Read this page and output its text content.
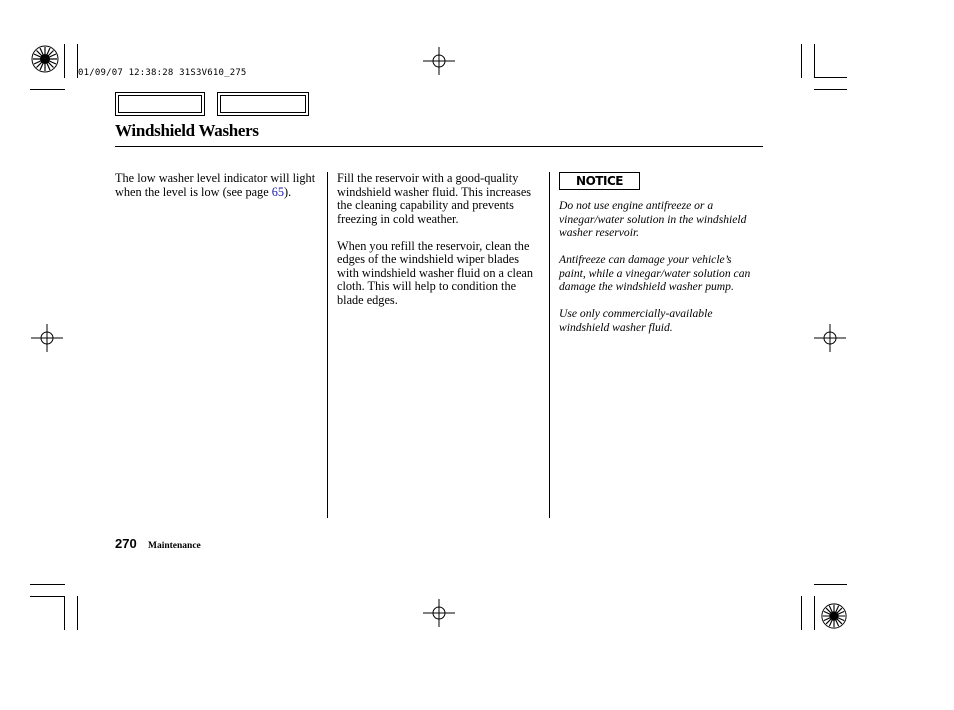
01/09/07 12:38:28 31S3V610_275
Windshield Washers

The low washer level indicator will light when the level is low (see page 65).

Fill the reservoir with a good-quality windshield washer fluid. This increases the cleaning capability and prevents freezing in cold weather.

When you refill the reservoir, clean the edges of the windshield wiper blades with windshield washer fluid on a clean cloth. This will help to condition the blade edges.

NOTICE

Do not use engine antifreeze or a vinegar/water solution in the windshield washer reservoir.

Antifreeze can damage your vehicle’s paint, while a vinegar/water solution can damage the windshield washer pump.

Use only commercially-available windshield washer fluid.

270 Maintenance
